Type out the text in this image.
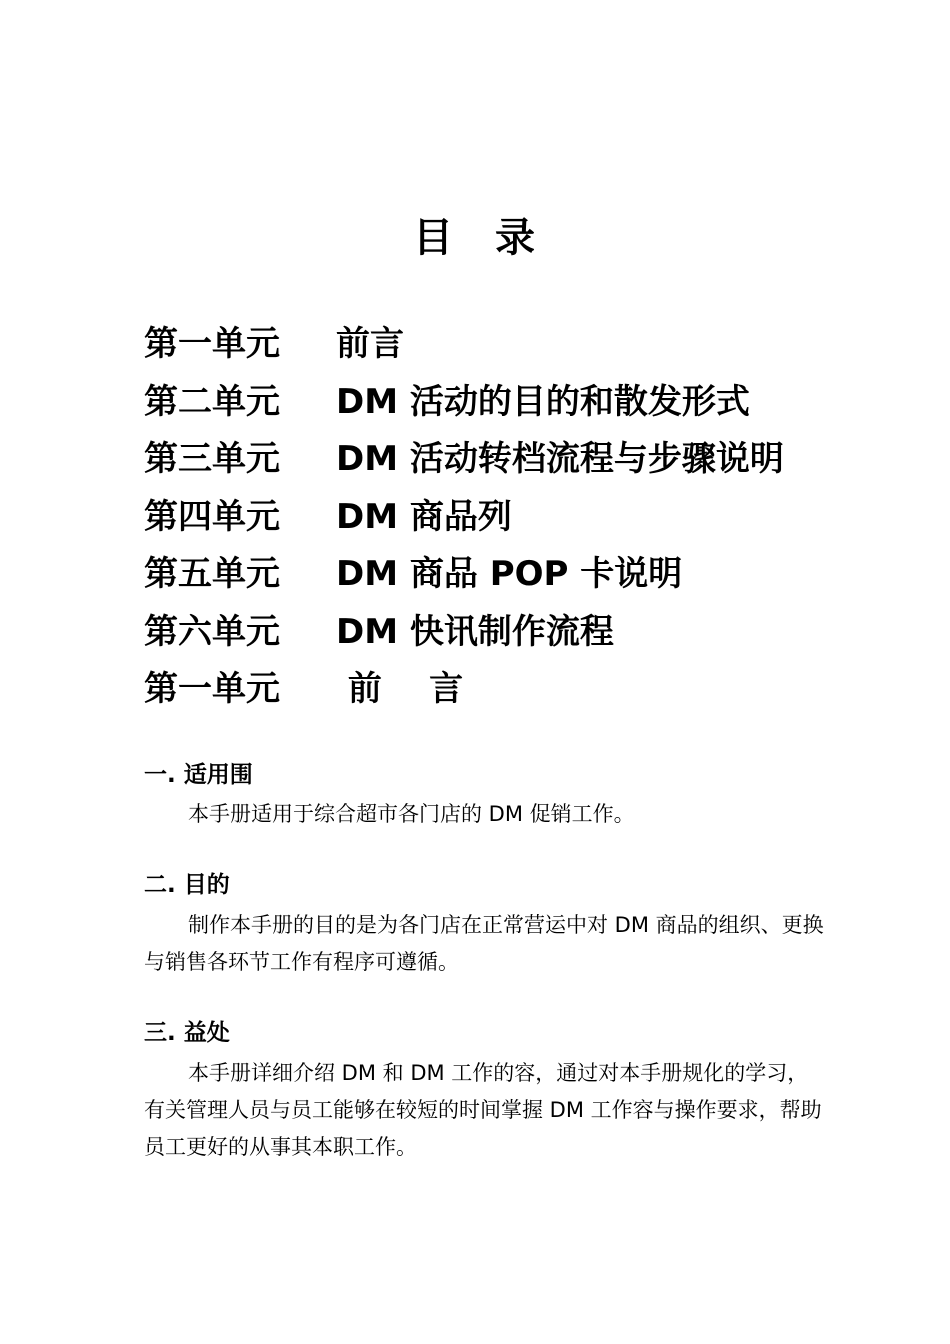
目 录
第一单元 前言
第二单元 DM 活动的目的和散发形式
第三单元 DM 活动转档流程与步骤说明
第四单元 DM 商品列
第五单元 DM 商品 POP 卡说明
第六单元 DM 快讯制作流程
第一单元 前    言
一. 适用围
本手册适用于综合超市各门店的 DM 促销工作。
二. 目的
制作本手册的目的是为各门店在正常营运中对 DM 商品的组织、更换与销售各环节工作有程序可遵循。
三. 益处
本手册详细介绍 DM 和 DM 工作的容，通过对本手册规化的学习，有关管理人员与员工能够在较短的时间掌握 DM 工作容与操作要求，帮助员工更好的从事其本职工作。
